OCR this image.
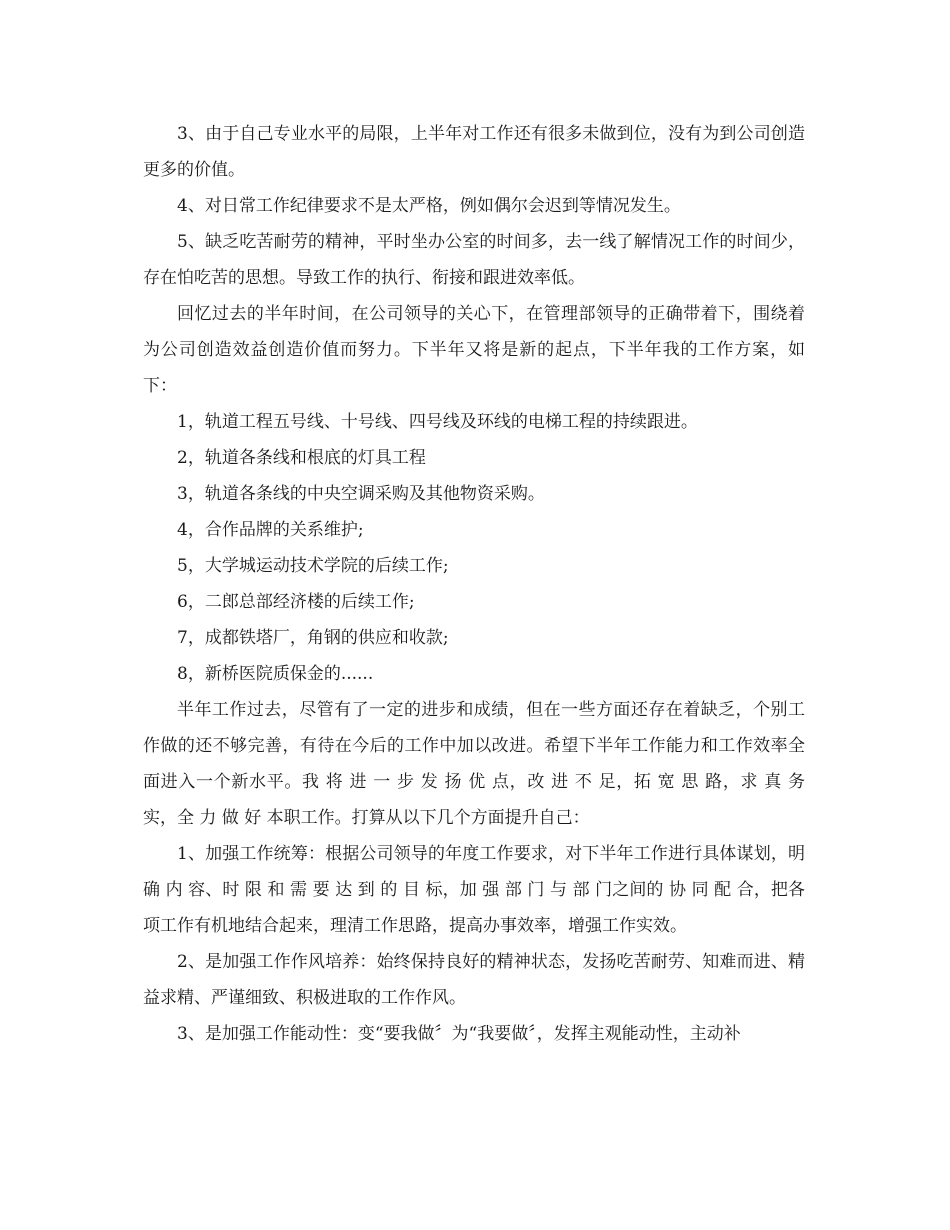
3、由于自己专业水平的局限，上半年对工作还有很多未做到位，没有为到公司创造更多的价值。

4、对日常工作纪律要求不是太严格，例如偶尔会迟到等情况发生。

5、缺乏吃苦耐劳的精神，平时坐办公室的时间多，去一线了解情况工作的时间少，存在怕吃苦的思想。导致工作的执行、衔接和跟进效率低。

回忆过去的半年时间，在公司领导的关心下，在管理部领导的正确带着下，围绕着为公司创造效益创造价值而努力。下半年又将是新的起点，下半年我的工作方案，如下：

1，轨道工程五号线、十号线、四号线及环线的电梯工程的持续跟进。

2，轨道各条线和根底的灯具工程

3，轨道各条线的中央空调采购及其他物资采购。

4，合作品牌的关系维护;

5，大学城运动技术学院的后续工作;

6，二郎总部经济楼的后续工作;

7，成都铁塔厂，角钢的供应和收款;

8，新桥医院质保金的......

半年工作过去，尽管有了一定的进步和成绩，但在一些方面还存在着缺乏，个别工作做的还不够完善，有待在今后的工作中加以改进。希望下半年工作能力和工作效率全面进入一个新水平。我 将 进 一 步 发 扬 优 点，改 进 不 足，拓 宽 思 路，求 真 务 实，全 力 做 好 本职工作。打算从以下几个方面提升自己：

1、加强工作统筹：根据公司领导的年度工作要求，对下半年工作进行具体谋划，明 确 内 容、时 限 和 需 要 达 到 的 目 标，加 强 部 门 与 部 门之间的 协 同 配 合，把各项工作有机地结合起来，理清工作思路，提高办事效率，增强工作实效。

2、是加强工作作风培养：始终保持良好的精神状态，发扬吃苦耐劳、知难而进、精益求精、严谨细致、积极进取的工作作风。

3、是加强工作能动性：变“要我做〞为“我要做〞，发挥主观能动性，主动补
